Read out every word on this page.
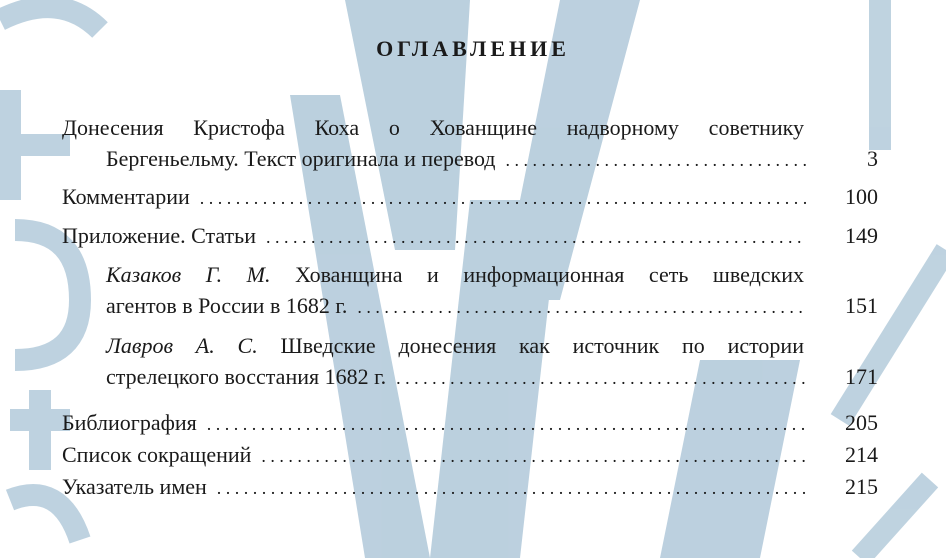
ОГЛАВЛЕНИЕ
Донесения Кристофа Коха о Хованщине надворному советнику
Бергеньельму. Текст оригинала и перевод . . .	3
Комментарии . . .	100
Приложение. Статьи . . .	149
Казаков Г. М. Хованщина и информационная сеть шведских
агентов в России в 1682 г. . . .	151
Лавров А. С. Шведские донесения как источник по истории
стрелецкого восстания 1682 г. . . .	171
Библиография . . .	205
Список сокращений . . .	214
Указатель имен . . .	215
